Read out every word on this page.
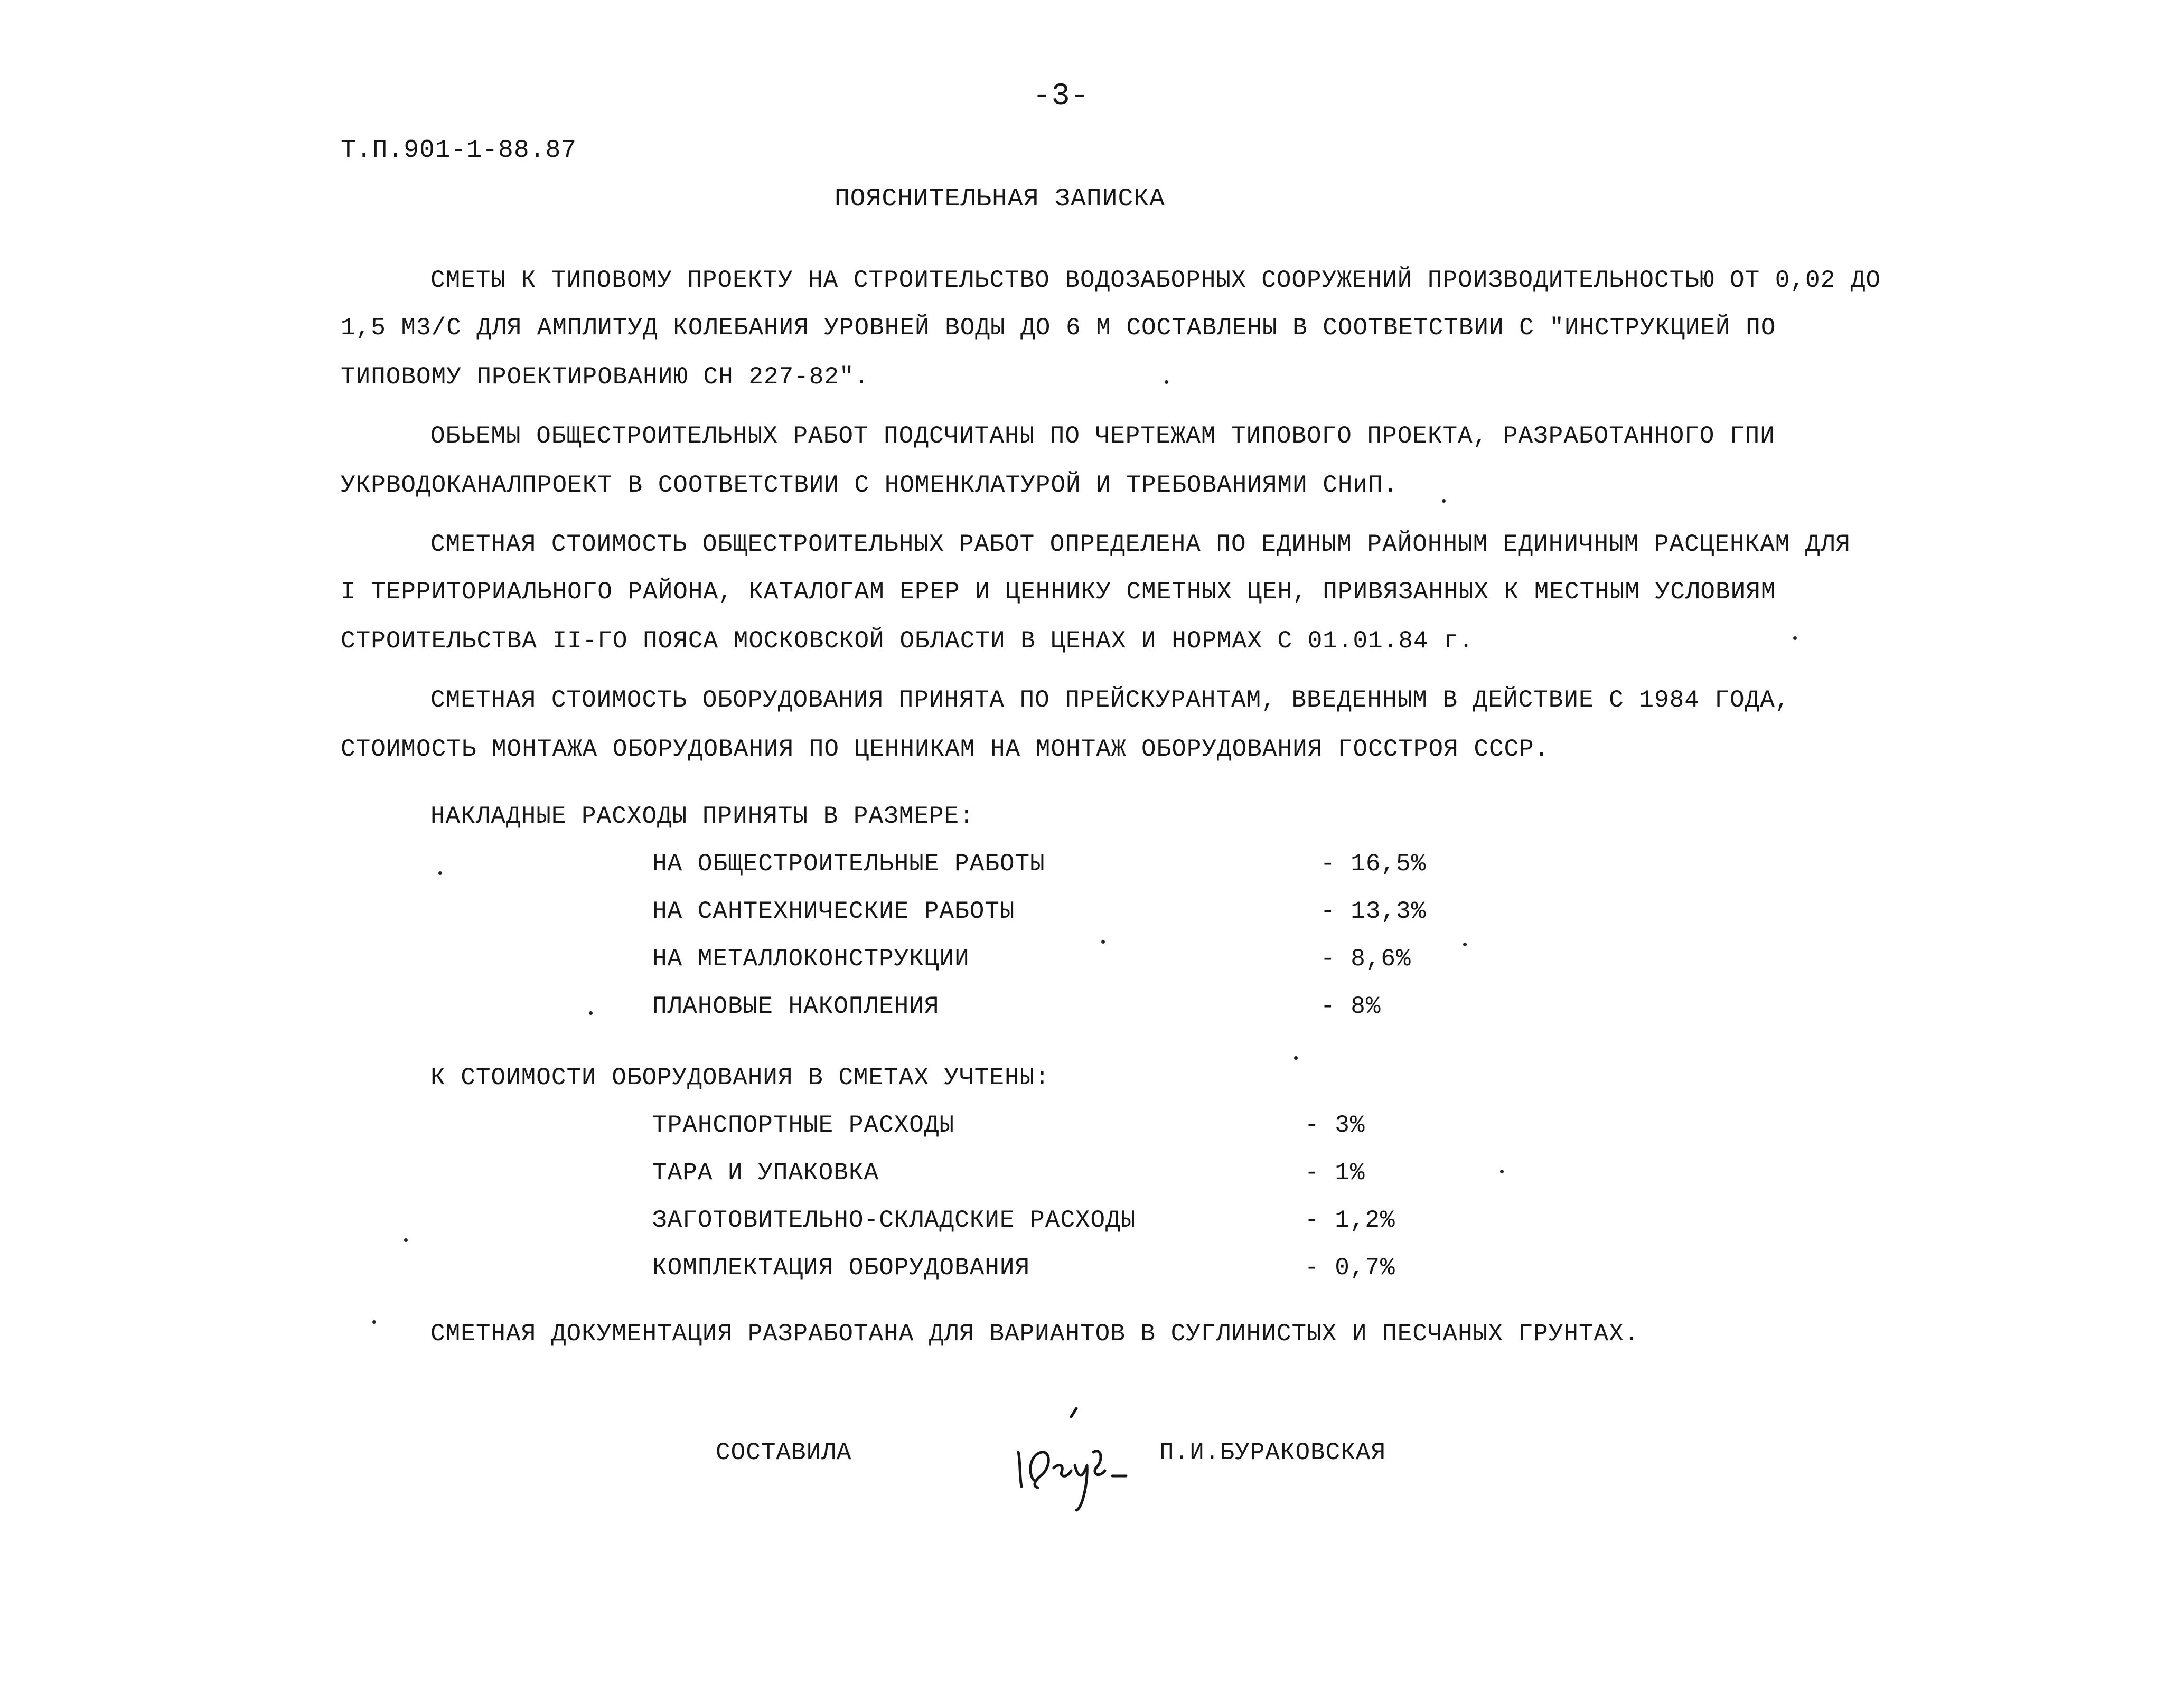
-3-
Т.П.901-1-88.87
ПОЯСНИТЕЛЬНАЯ ЗАПИСКА
СМЕТЫ К ТИПОВОМУ ПРОЕКТУ НА СТРОИТЕЛЬСТВО ВОДОЗАБОРНЫХ СООРУЖЕНИЙ ПРОИЗВОДИТЕЛЬНОСТЬЮ ОТ 0,02 ДО
1,5 М3/С ДЛЯ АМПЛИТУД КОЛЕБАНИЯ УРОВНЕЙ ВОДЫ ДО 6 М СОСТАВЛЕНЫ В СООТВЕТСТВИИ С "ИНСТРУКЦИЕЙ ПО
ТИПОВОМУ ПРОЕКТИРОВАНИЮ СН 227-82".
ОБЬЕМЫ ОБЩЕСТРОИТЕЛЬНЫХ РАБОТ ПОДСЧИТАНЫ ПО ЧЕРТЕЖАМ ТИПОВОГО ПРОЕКТА, РАЗРАБОТАННОГО ГПИ
УКРВОДОКАНАЛПРОЕКТ В СООТВЕТСТВИИ С НОМЕНКЛАТУРОЙ И ТРЕБОВАНИЯМИ СНиП.
СМЕТНАЯ СТОИМОСТЬ ОБЩЕСТРОИТЕЛЬНЫХ РАБОТ ОПРЕДЕЛЕНА ПО ЕДИНЫМ РАЙОННЫМ ЕДИНИЧНЫМ РАСЦЕНКАМ ДЛЯ
I ТЕРРИТОРИАЛЬНОГО РАЙОНА, КАТАЛОГАМ ЕРЕР И ЦЕННИКУ СМЕТНЫХ ЦЕН, ПРИВЯЗАННЫХ К МЕСТНЫМ УСЛОВИЯМ
СТРОИТЕЛЬСТВА II-ГО ПОЯСА МОСКОВСКОЙ ОБЛАСТИ В ЦЕНАХ И НОРМАХ С 01.01.84 г.
СМЕТНАЯ СТОИМОСТЬ ОБОРУДОВАНИЯ ПРИНЯТА ПО ПРЕЙСКУРАНТАМ, ВВЕДЕННЫМ В ДЕЙСТВИЕ С 1984 ГОДА,
СТОИМОСТЬ МОНТАЖА ОБОРУДОВАНИЯ ПО ЦЕННИКАМ НА МОНТАЖ ОБОРУДОВАНИЯ ГОССТРОЯ СССР.
НАКЛАДНЫЕ РАСХОДЫ ПРИНЯТЫ В РАЗМЕРЕ:
НА ОБЩЕСТРОИТЕЛЬНЫЕ РАБОТЫ	- 16,5%
НА САНТЕХНИЧЕСКИЕ РАБОТЫ	- 13,3%
НА МЕТАЛЛОКОНСТРУКЦИИ	- 8,6%
ПЛАНОВЫЕ НАКОПЛЕНИЯ	- 8%
К СТОИМОСТИ ОБОРУДОВАНИЯ В СМЕТАХ УЧТЕНЫ:
ТРАНСПОРТНЫЕ РАСХОДЫ	- 3%
ТАРА И УПАКОВКА	- 1%
ЗАГОТОВИТЕЛЬНО-СКЛАДСКИЕ РАСХОДЫ	- 1,2%
КОМПЛЕКТАЦИЯ ОБОРУДОВАНИЯ	- 0,7%
СМЕТНАЯ ДОКУМЕНТАЦИЯ РАЗРАБОТАНА ДЛЯ ВАРИАНТОВ В СУГЛИНИСТЫХ И ПЕСЧАНЫХ ГРУНТАХ.
СОСТАВИЛА	П.И.БУРАКОВСКАЯ
